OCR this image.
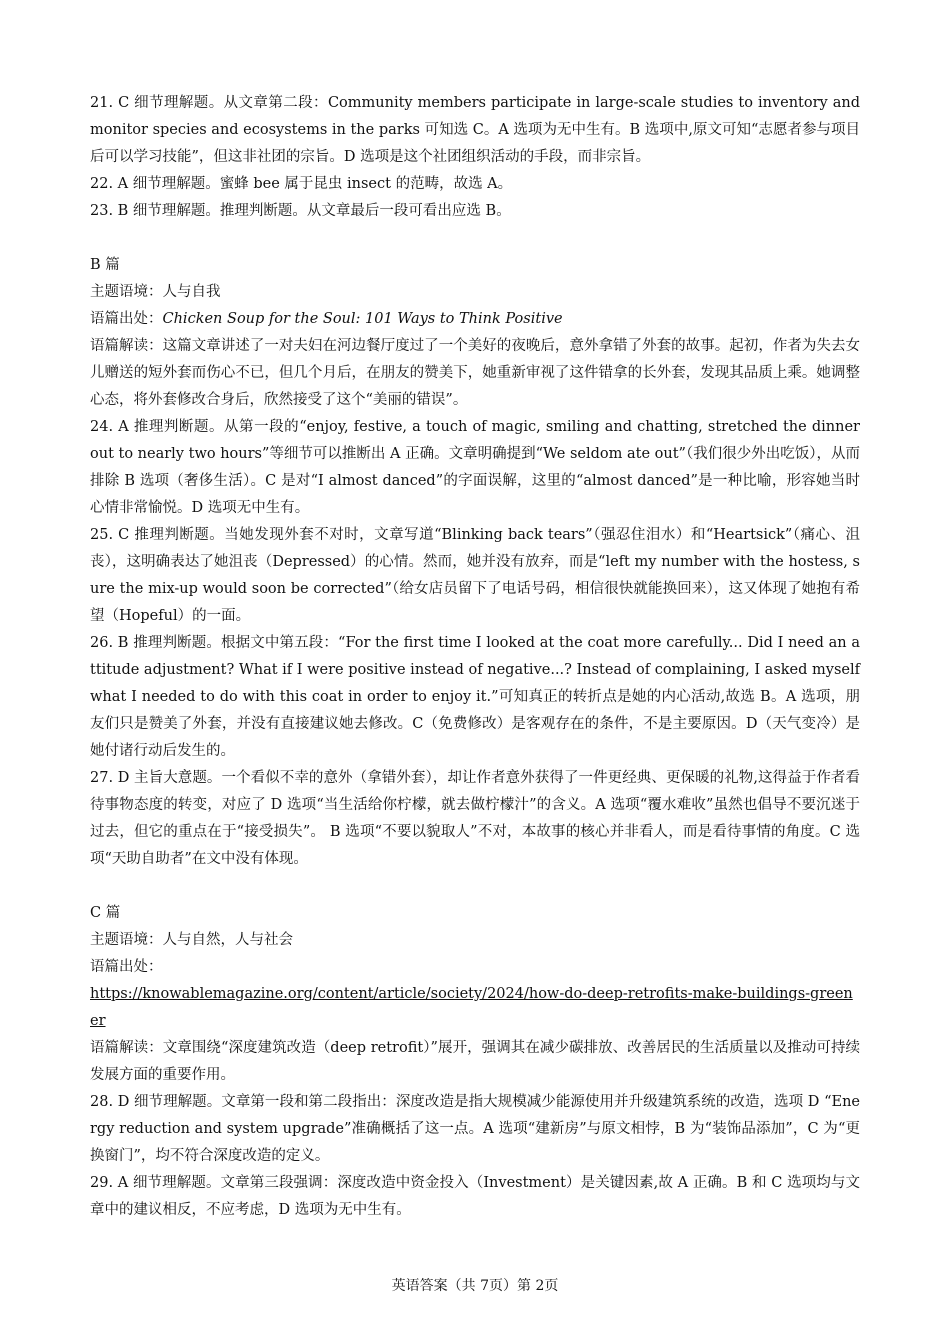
21. C 细节理解题。从文章第二段：Community members participate in large-scale studies to inventory and monitor species and ecosystems in the parks 可知选 C。A 选项为无中生有。B 选项中,原文可知“志愿者参与项目后可以学习技能”，但这非社团的宗旨。D 选项是这个社团组织活动的手段，而非宗旨。

22. A 细节理解题。蜜蜂 bee 属于昆虫 insect 的范畴，故选 A。

23. B 细节理解题。推理判断题。从文章最后一段可看出应选 B。

B 篇

主题语境：人与自我

语篇出处：Chicken Soup for the Soul: 101 Ways to Think Positive

语篇解读：这篇文章讲述了一对夫妇在河边餐厅度过了一个美好的夜晚后，意外拿错了外套的故事。起初，作者为失去女儿赠送的短外套而伤心不已，但几个月后，在朋友的赞美下，她重新审视了这件错拿的长外套，发现其品质上乘。她调整心态，将外套修改合身后，欣然接受了这个“美丽的错误”。

24. A 推理判断题。从第一段的“enjoy, festive, a touch of magic, smiling and chatting, stretched the dinner out to nearly two hours”等细节可以推断出 A 正确。文章明确提到“We seldom ate out”（我们很少外出吃饭），从而排除 B 选项（奢侈生活）。C 是对“I almost danced”的字面误解，这里的“almost danced”是一种比喻，形容她当时心情非常愉悦。D 选项无中生有。

25. C 推理判断题。当她发现外套不对时，文章写道“Blinking back tears”（强忍住泪水）和“Heartsick”（痛心、沮丧），这明确表达了她沮丧（Depressed）的心情。然而，她并没有放弃，而是“left my number with the hostess, sure the mix-up would soon be corrected”（给女店员留下了电话号码，相信很快就能换回来），这又体现了她抱有希望（Hopeful）的一面。

26. B 推理判断题。根据文中第五段：“For the first time I looked at the coat more carefully... Did I need an attitude adjustment? What if I were positive instead of negative...? Instead of complaining, I asked myself what I needed to do with this coat in order to enjoy it.”可知真正的转折点是她的内心活动,故选 B。A 选项，朋友们只是赞美了外套，并没有直接建议她去修改。C（免费修改）是客观存在的条件，不是主要原因。D（天气变冷）是她付诸行动后发生的。

27. D 主旨大意题。一个看似不幸的意外（拿错外套），却让作者意外获得了一件更经典、更保暖的礼物,这得益于作者看待事物态度的转变，对应了 D 选项“当生活给你柠檬，就去做柠檬汁”的含义。A 选项“覆水难收”虽然也倡导不要沉迷于过去，但它的重点在于“接受损失”。 B 选项“不要以貌取人”不对，本故事的核心并非看人，而是看待事情的角度。C 选项“天助自助者”在文中没有体现。

C 篇

主题语境：人与自然，人与社会

语篇出处：

https://knowablemagazine.org/content/article/society/2024/how-do-deep-retrofits-make-buildings-greener

语篇解读：文章围绕“深度建筑改造（deep retrofit）”展开，强调其在减少碳排放、改善居民的生活质量以及推动可持续发展方面的重要作用。

28. D 细节理解题。文章第一段和第二段指出：深度改造是指大规模减少能源使用并升级建筑系统的改造，选项 D “Energy reduction and system upgrade”准确概括了这一点。A 选项“建新房”与原文相悖，B 为“装饰品添加”，C 为“更换窗门”，均不符合深度改造的定义。

29. A 细节理解题。文章第三段强调：深度改造中资金投入（Investment）是关键因素,故 A 正确。B 和 C 选项均与文章中的建议相反，不应考虑，D 选项为无中生有。

英语答案（共 7页）第 2页
